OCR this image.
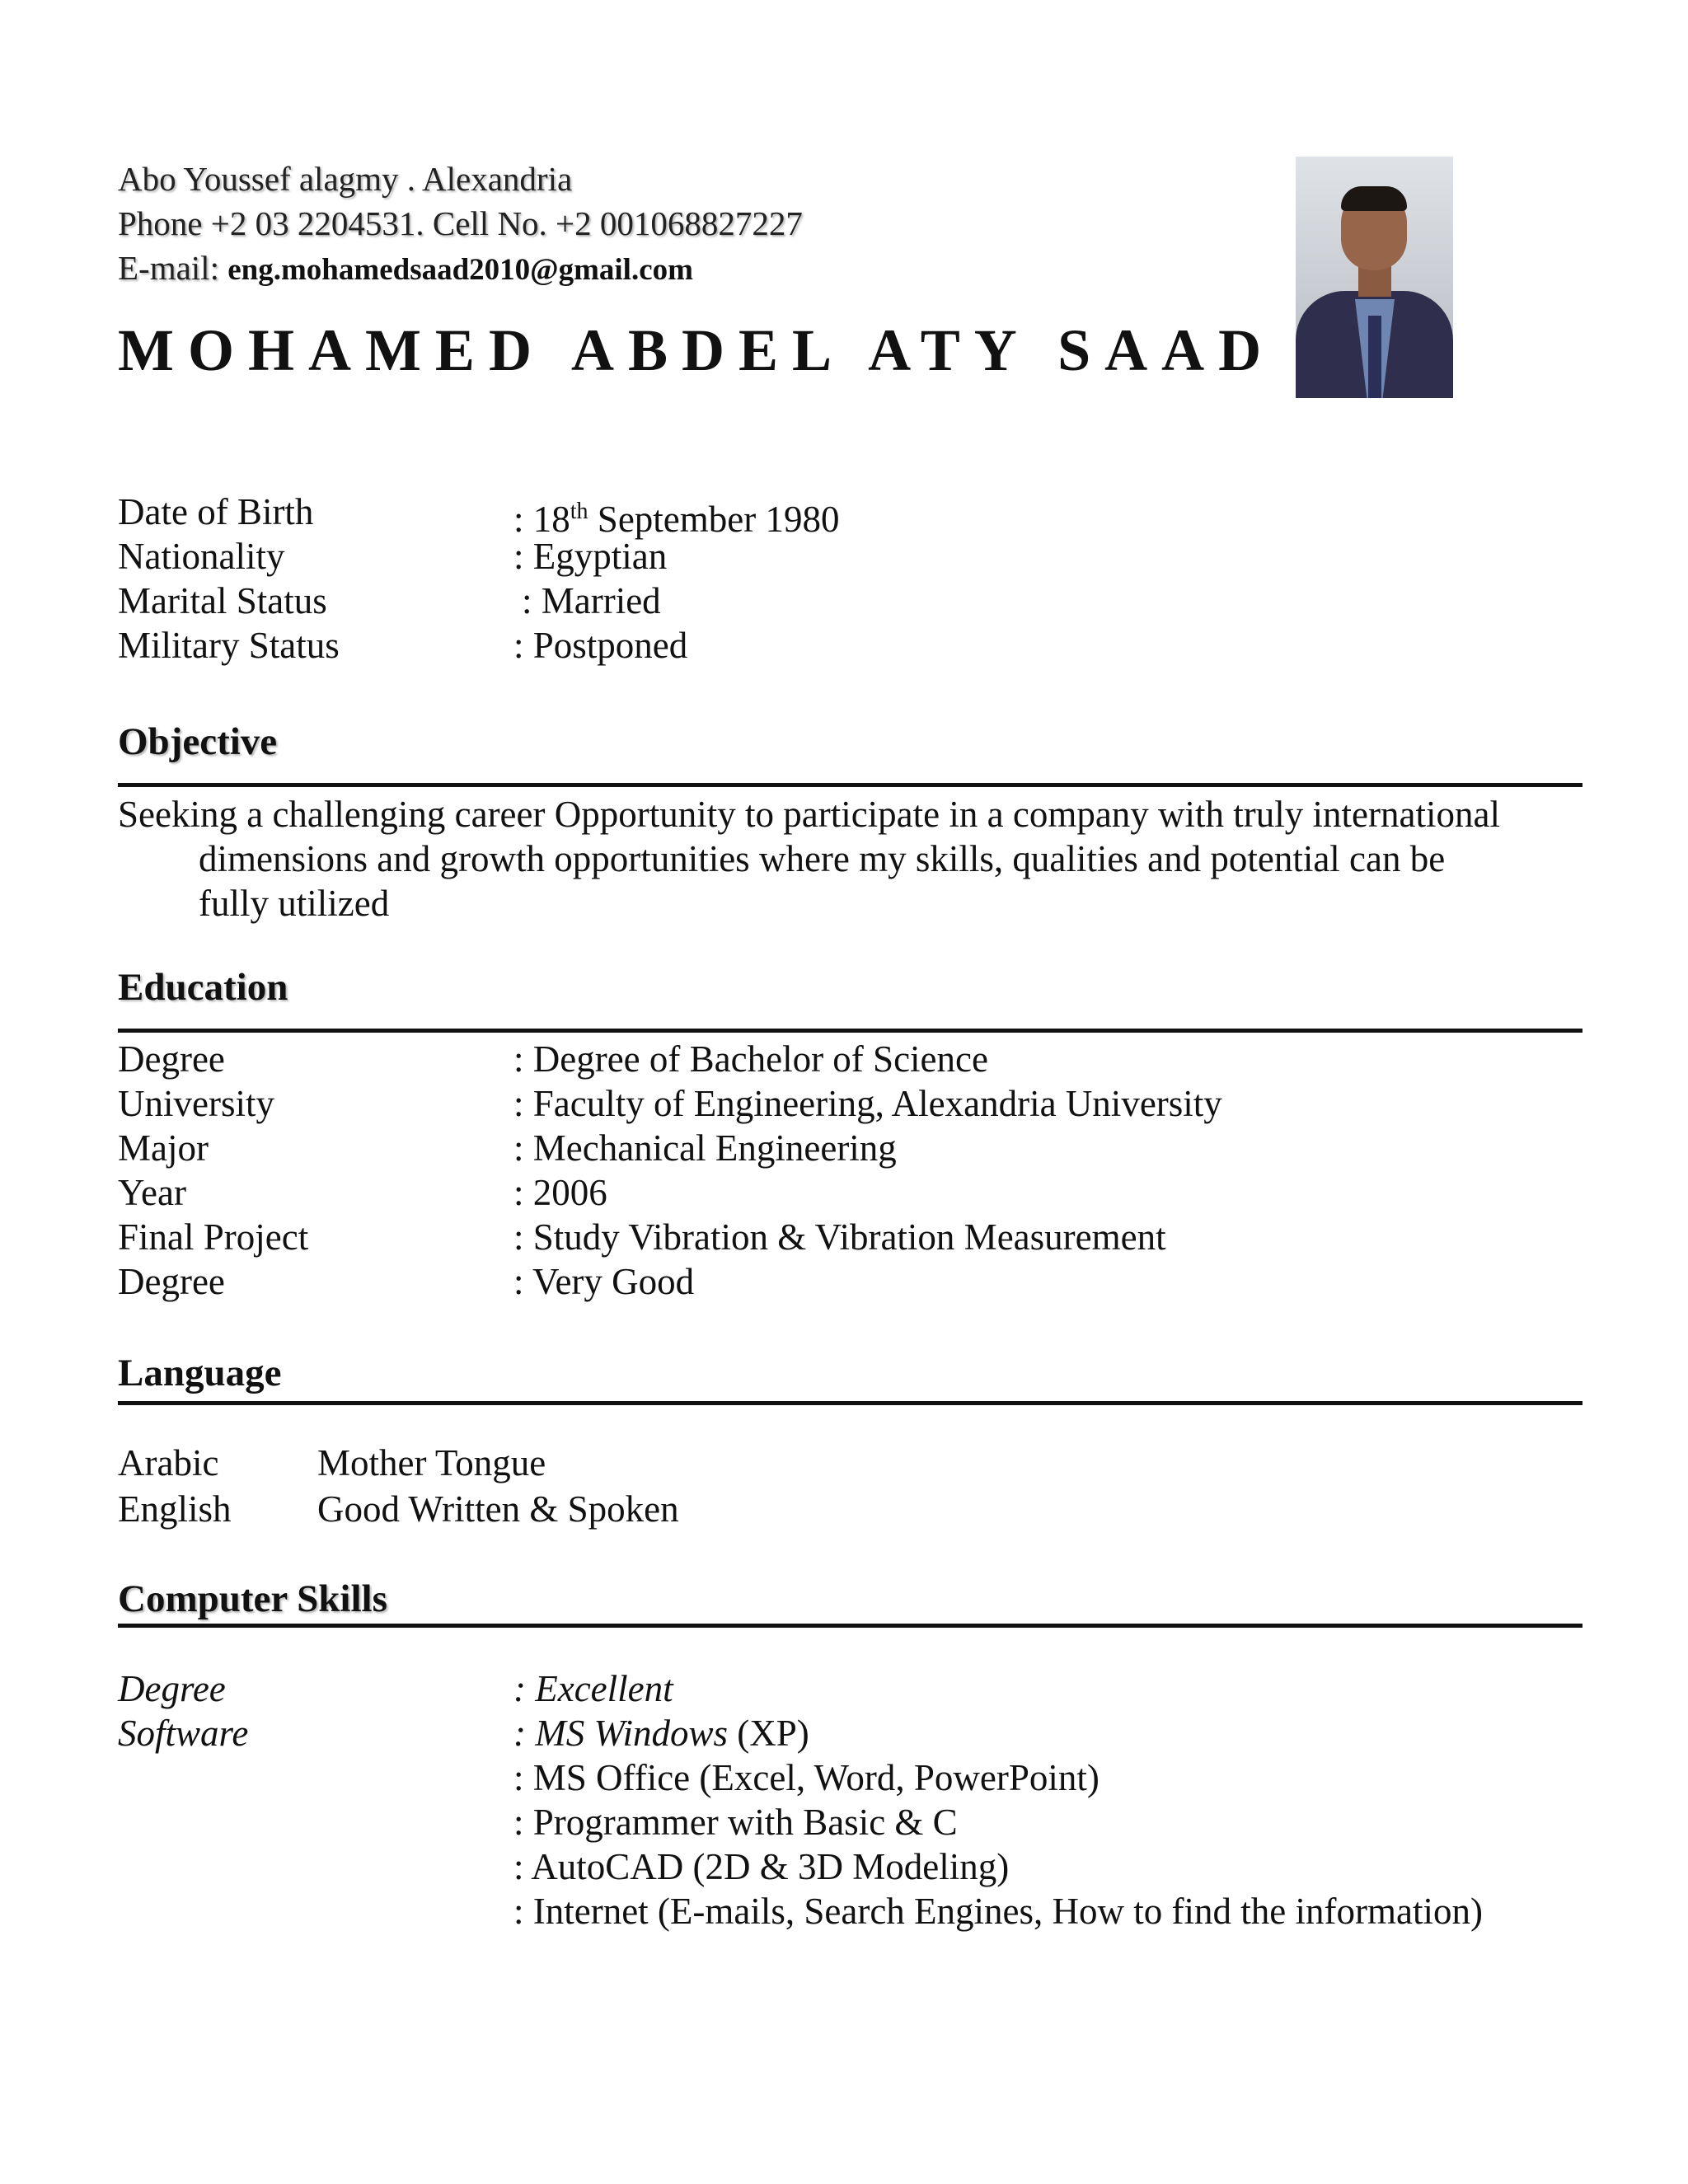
Abo Youssef alagmy . Alexandria
Phone +2 03 2204531. Cell No. +2 001068827227
E-mail: eng.mohamedsaad2010@gmail.com
MOHAMED ABDEL ATY SAAD
Date of Birth	: 18th September 1980
Nationality	: Egyptian
Marital Status	: Married
Military Status	: Postponed
Objective
Seeking a challenging career Opportunity to participate in a company with truly international
dimensions and growth opportunities where my skills, qualities and potential can be
fully utilized
Education
Degree	: Degree of Bachelor of Science
University	: Faculty of Engineering, Alexandria University
Major	: Mechanical Engineering
Year	: 2006
Final Project	: Study Vibration & Vibration Measurement
Degree	: Very Good
Language
Arabic	Mother Tongue
English Good Written & Spoken
Computer Skills
Degree	: Excellent
Software	: MS Windows (XP)
: MS Office (Excel, Word, PowerPoint)
: Programmer with Basic & C
: AutoCAD (2D & 3D Modeling)
: Internet (E-mails, Search Engines, How to find the information)
